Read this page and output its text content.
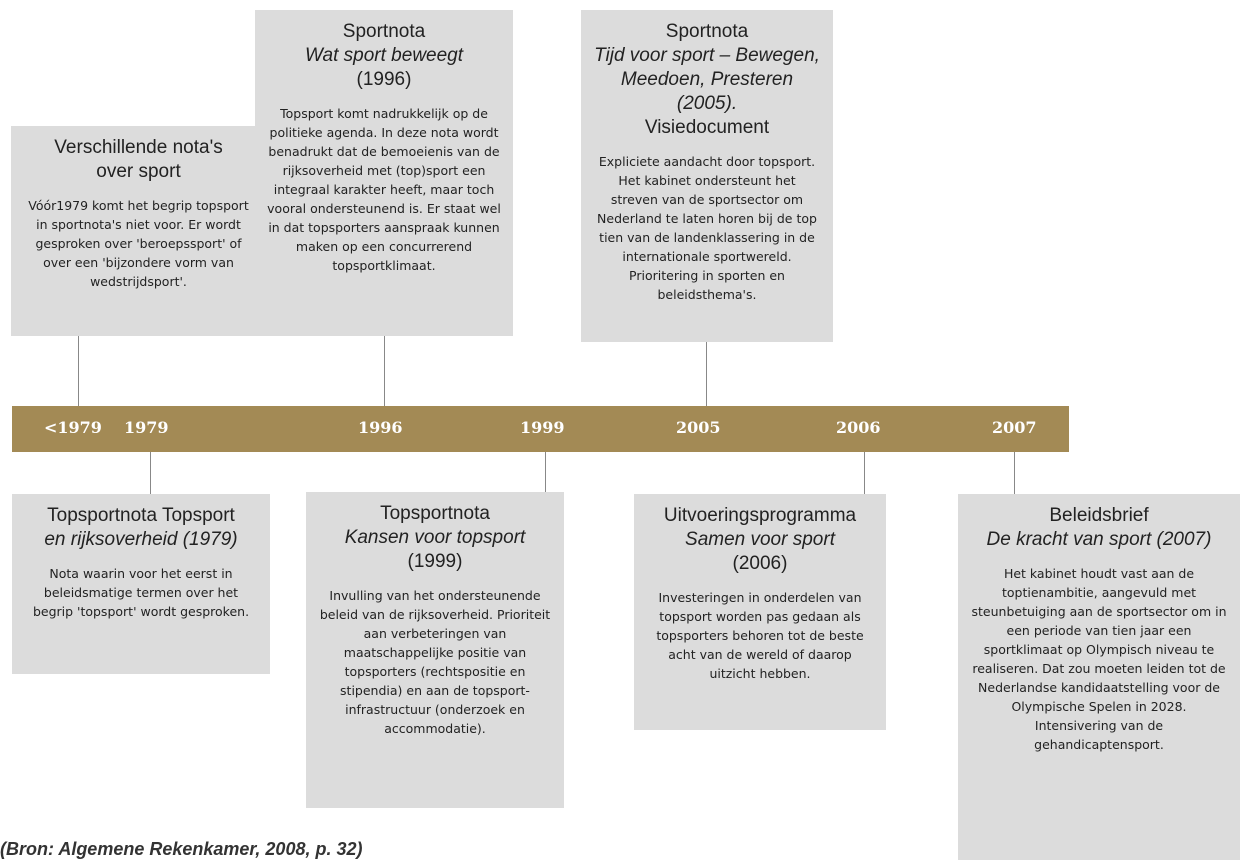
Verschillende nota's
over sport
Vóór1979 komt het begrip topsport in sportnota's niet voor. Er wordt gesproken over 'beroepssport' of over een 'bijzondere vorm van wedstrijdsport'.
Sportnota
Wat sport beweegt
(1996)
Topsport komt nadrukkelijk op de politieke agenda. In deze nota wordt benadrukt dat de bemoeienis van de rijksoverheid met (top)sport een integraal karakter heeft, maar toch vooral ondersteunend is. Er staat wel in dat topsporters aanspraak kunnen maken op een concurrerend topsportklimaat.
Sportnota
Tijd voor sport – Bewegen,
Meedoen, Presteren (2005).
Visiedocument
Expliciete aandacht door topsport. Het kabinet ondersteunt het streven van de sportsector om Nederland te laten horen bij de top tien van de landenklassering in de internationale sportwereld. Prioritering in sporten en beleidsthema's.
<1979 1979	1996	1999	2005	2006	2007
Topsportnota Topsport
en rijksoverheid (1979)
Nota waarin voor het eerst in beleidsmatige termen over het begrip 'topsport' wordt gesproken.
Topsportnota
Kansen voor topsport
(1999)
Invulling van het ondersteunende beleid van de rijksoverheid. Prioriteit aan verbeteringen van maatschappelijke positie van topsporters (rechtspositie en stipendia) en aan de topsport-infrastructuur (onderzoek en accommodatie).
Uitvoeringsprogramma
Samen voor sport
(2006)
Investeringen in onderdelen van topsport worden pas gedaan als topsporters behoren tot de beste acht van de wereld of daarop uitzicht hebben.
Beleidsbrief
De kracht van sport (2007)
Het kabinet houdt vast aan de toptienambitie, aangevuld met steunbetuiging aan de sportsector om in een periode van tien jaar een sportklimaat op Olympisch niveau te realiseren. Dat zou moeten leiden tot de Nederlandse kandidaatstelling voor de Olympische Spelen in 2028. Intensivering van de gehandicaptensport.
(Bron: Algemene Rekenkamer, 2008, p. 32)
